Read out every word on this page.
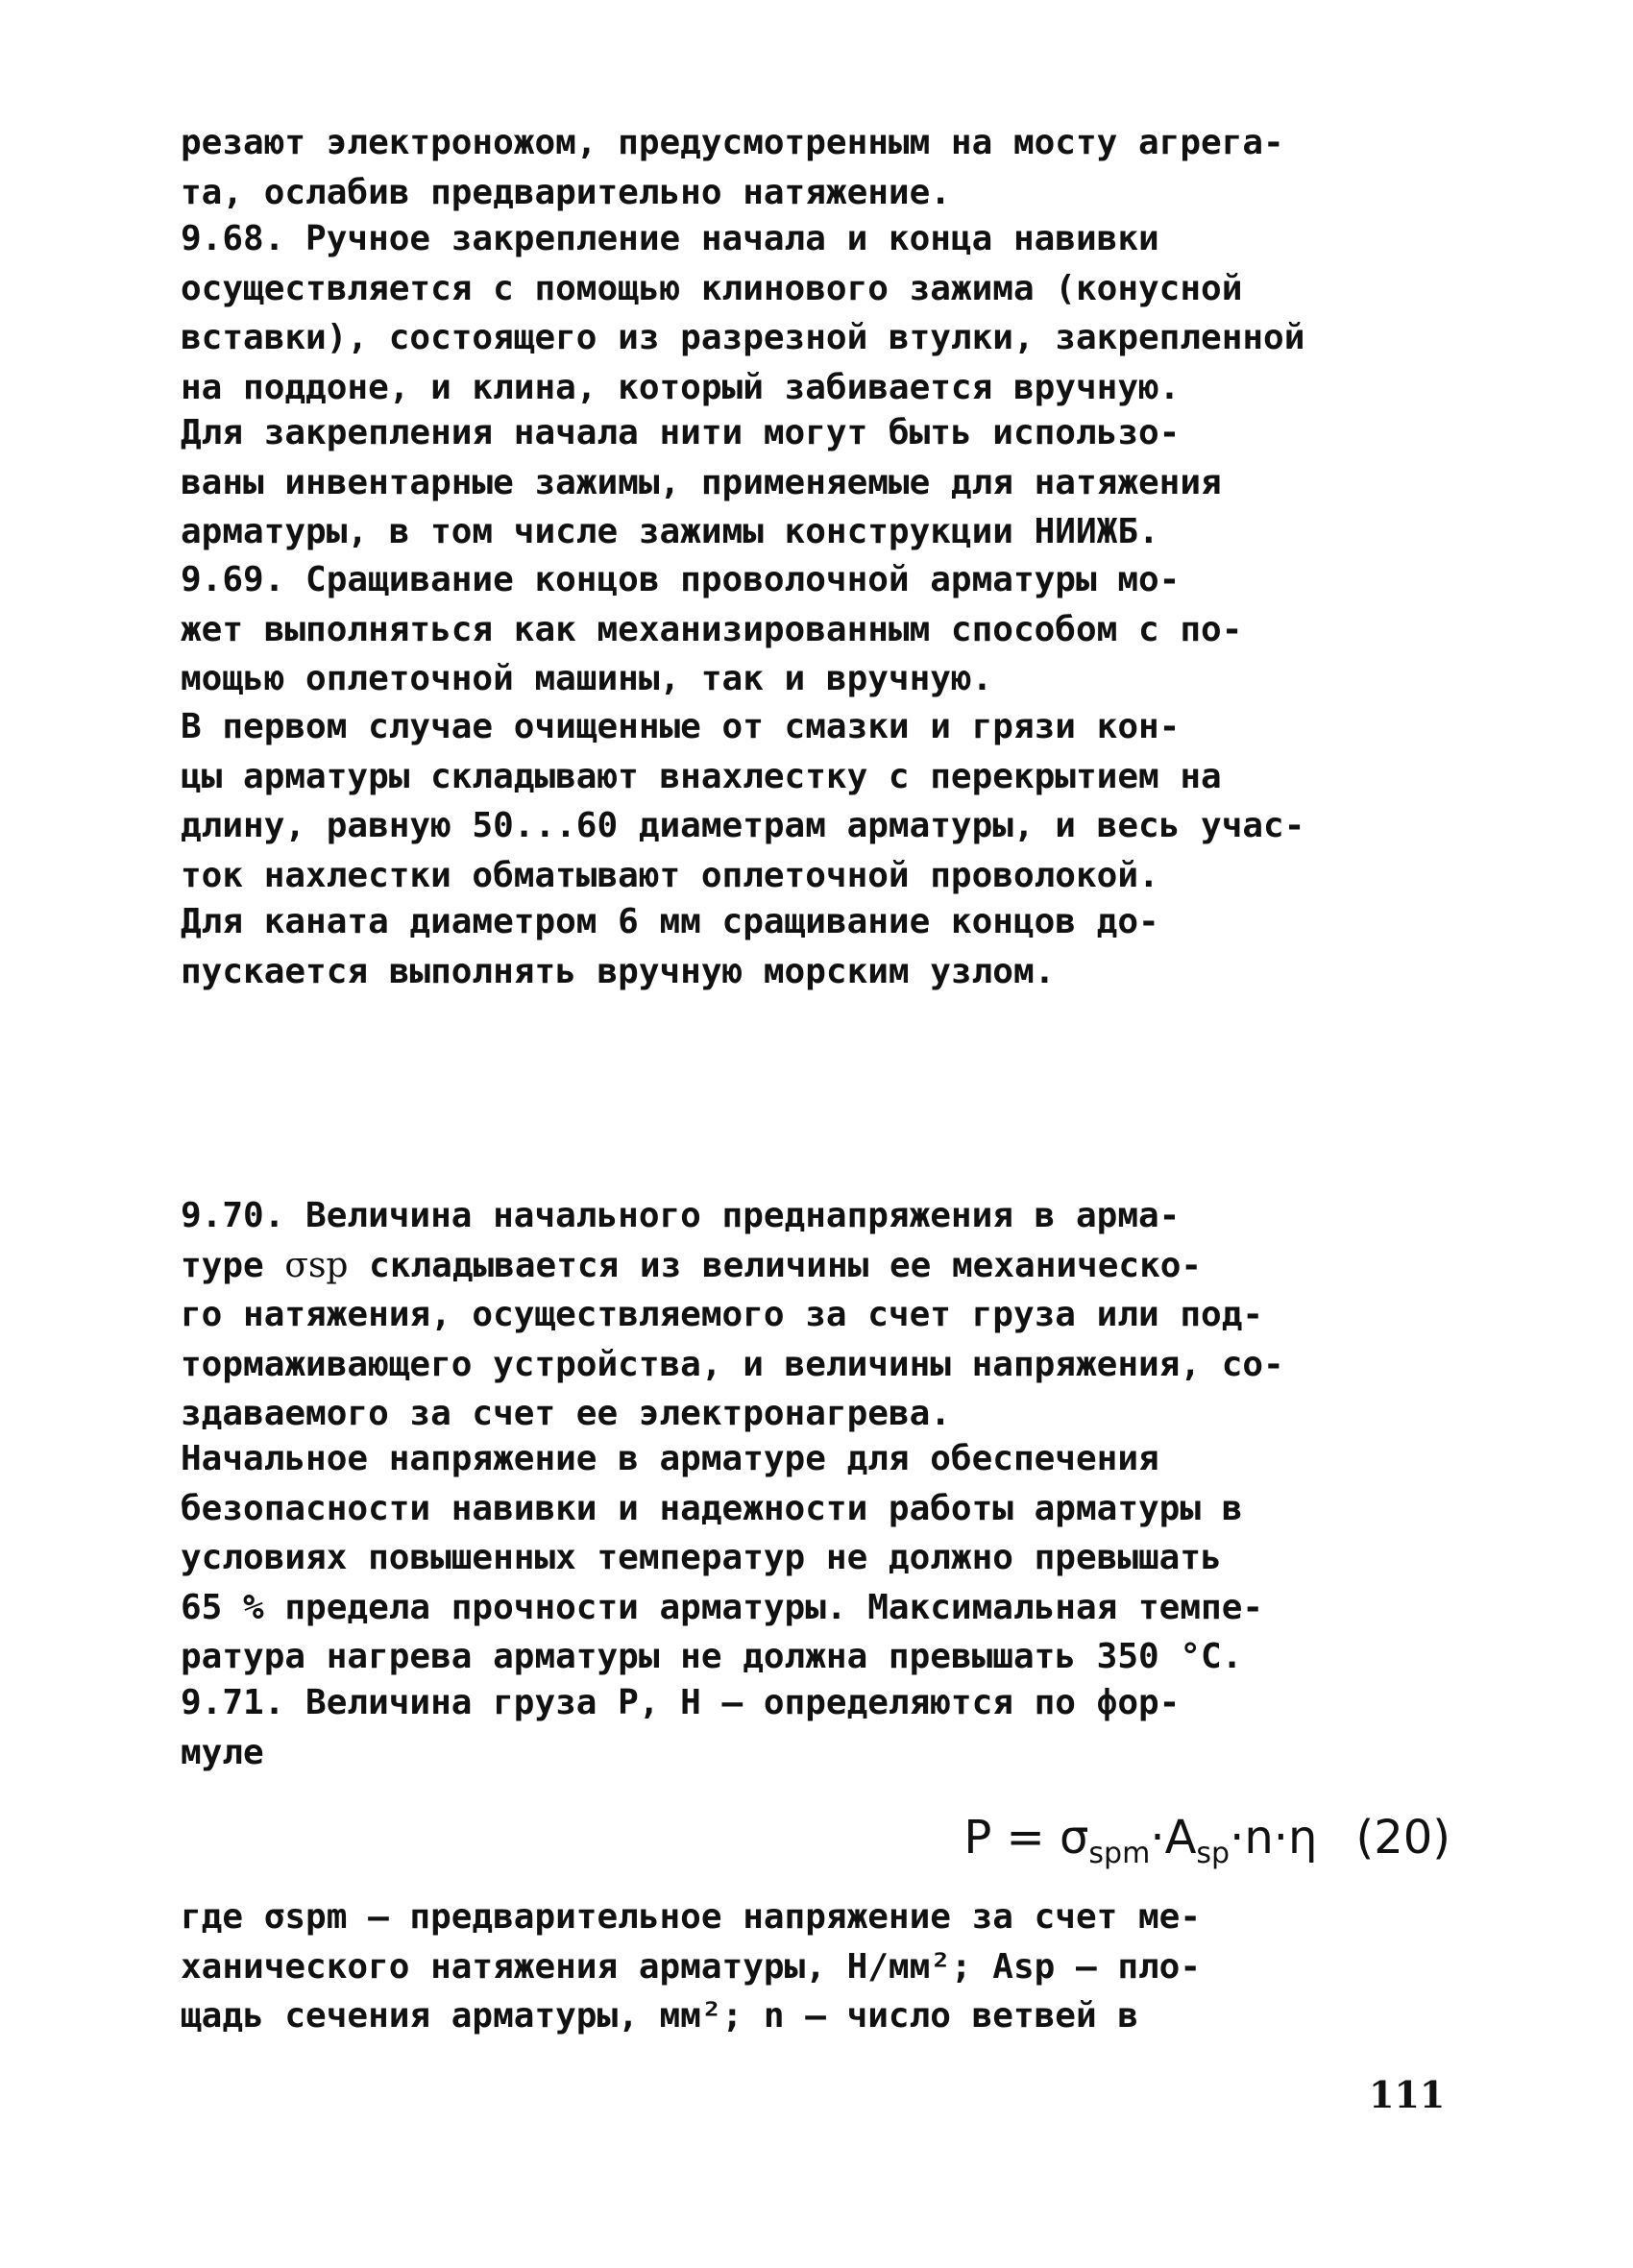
резают электроножом, предусмотренным на мосту агрега-
та, ослабив предварительно натяжение.

9.68. Ручное закрепление начала и конца навивки
осуществляется с помощью клинового зажима (конусной
вставки), состоящего из разрезной втулки, закрепленной
на поддоне, и клина, который забивается вручную.

Для закрепления начала нити могут быть использо-
ваны инвентарные зажимы, применяемые для натяжения
арматуры, в том числе зажимы конструкции НИИЖБ.

9.69. Сращивание концов проволочной арматуры мо-
жет выполняться как механизированным способом с по-
мощью оплеточной машины, так и вручную.

В первом случае очищенные от смазки и грязи кон-
цы арматуры складывают внахлестку с перекрытием на
длину, равную 50...60 диаметрам арматуры, и весь учас-
ток нахлестки обматывают оплеточной проволокой.

Для каната диаметром 6 мм сращивание концов до-
пускается выполнять вручную морским узлом.

9.70. Величина начального преднапряжения в арма-
туре σsp складывается из величины ее механическо-
го натяжения, осуществляемого за счет груза или под-
тормаживающего устройства, и величины напряжения, со-
здаваемого за счет ее электронагрева.

Начальное напряжение в арматуре для обеспечения
безопасности навивки и надежности работы арматуры в
условиях повышенных температур не должно превышать
65 % предела прочности арматуры. Максимальная темпе-
ратура нагрева арматуры не должна превышать 350 °С.

9.71. Величина груза Р, Н – определяются по фор-
муле

$P = \sigma_{spm}\cdot A_{sp}\cdot n\cdot\eta$ (20)

где σspm – предварительное напряжение за счет ме-
ханического натяжения арматуры, Н/мм²; Asp – пло-
щадь сечения арматуры, мм²; n – число ветвей в

111
